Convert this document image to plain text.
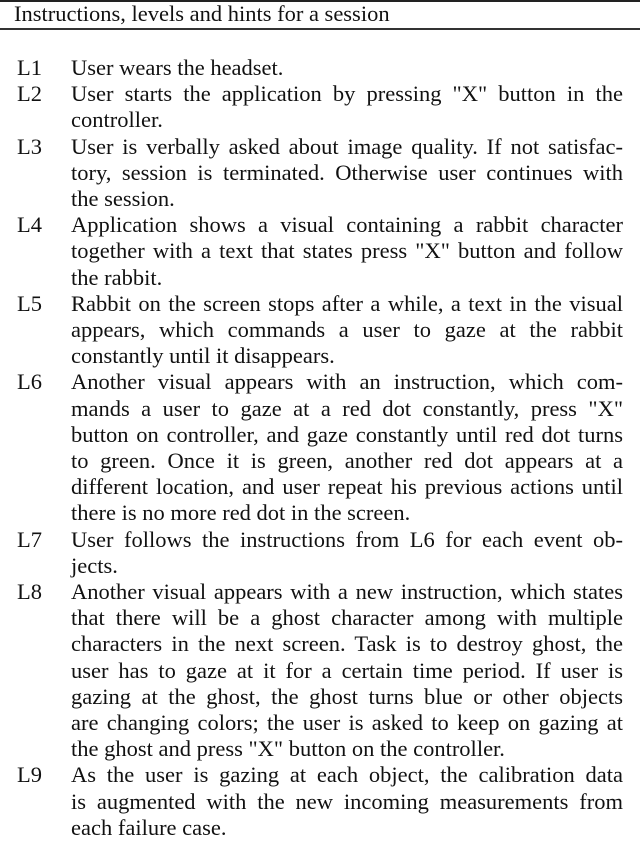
Instructions, levels and hints for a session
L1	User wears the headset.
L2	User starts the application by pressing "X" button in the
controller.
L3	User is verbally asked about image quality. If not satisfac-
tory, session is terminated. Otherwise user continues with
the session.
L4	Application shows a visual containing a rabbit character
together with a text that states press "X" button and follow
the rabbit.
L5	Rabbit on the screen stops after a while, a text in the visual
appears, which commands a user to gaze at the rabbit
constantly until it disappears.
L6	Another visual appears with an instruction, which com-
mands a user to gaze at a red dot constantly, press "X"
button on controller, and gaze constantly until red dot turns
to green. Once it is green, another red dot appears at a
different location, and user repeat his previous actions until
there is no more red dot in the screen.
L7	User follows the instructions from L6 for each event ob-
jects.
L8	Another visual appears with a new instruction, which states
that there will be a ghost character among with multiple
characters in the next screen. Task is to destroy ghost, the
user has to gaze at it for a certain time period. If user is
gazing at the ghost, the ghost turns blue or other objects
are changing colors; the user is asked to keep on gazing at
the ghost and press "X" button on the controller.
L9	As the user is gazing at each object, the calibration data
is augmented with the new incoming measurements from
each failure case.
